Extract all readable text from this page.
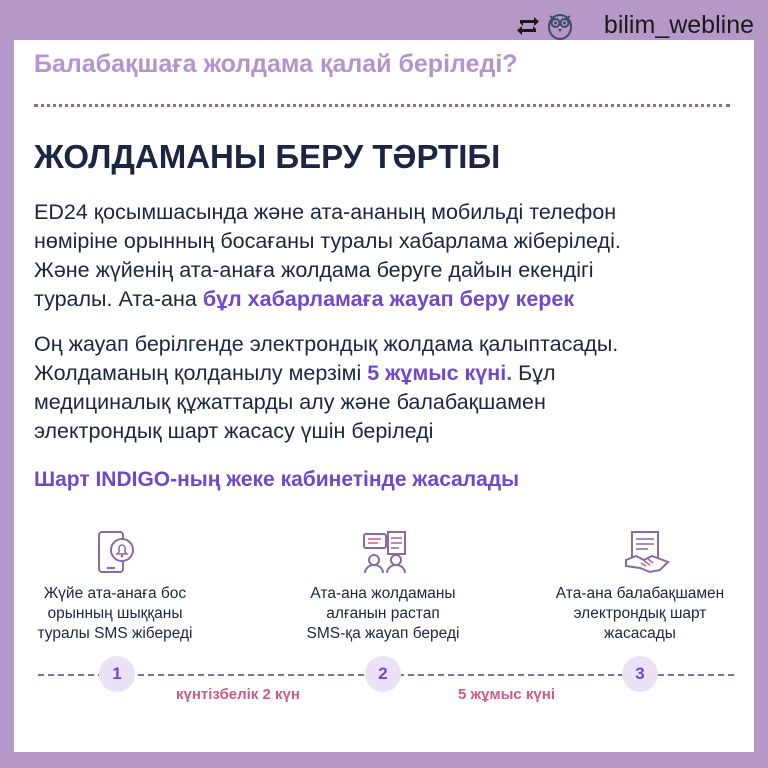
bilim_webline
Балабақшаға жолдама қалай беріледі?
ЖОЛДАМАНЫ БЕРУ ТӘРТІБІ
ED24 қосымшасында және ата-ананың мобильді телефон
нөміріне орынның босағаны туралы хабарлама жіберіледі.
Және жүйенің ата-анаға жолдама беруге дайын екендігі
туралы. Ата-ана бұл хабарламаға жауап беру керек
Оң жауап берілгенде электрондық жолдама қалыптасады.
Жолдаманың қолданылу мерзімі 5 жұмыс күні. Бұл
медициналық құжаттарды алу және балабақшамен
электрондық шарт жасасу үшін беріледі
Шарт INDIGO-ның жеке кабинетінде жасалады
Жүйе ата-анаға бос
орынның шыққаны
туралы SMS жібереді
Ата-ана жолдаманы
алғанын растап
SMS-қа жауап береді
Ата-ана балабақшамен
электрондық шарт
жасасады
1	2	3
күнтізбелік 2 күн	5 жұмыс күні
